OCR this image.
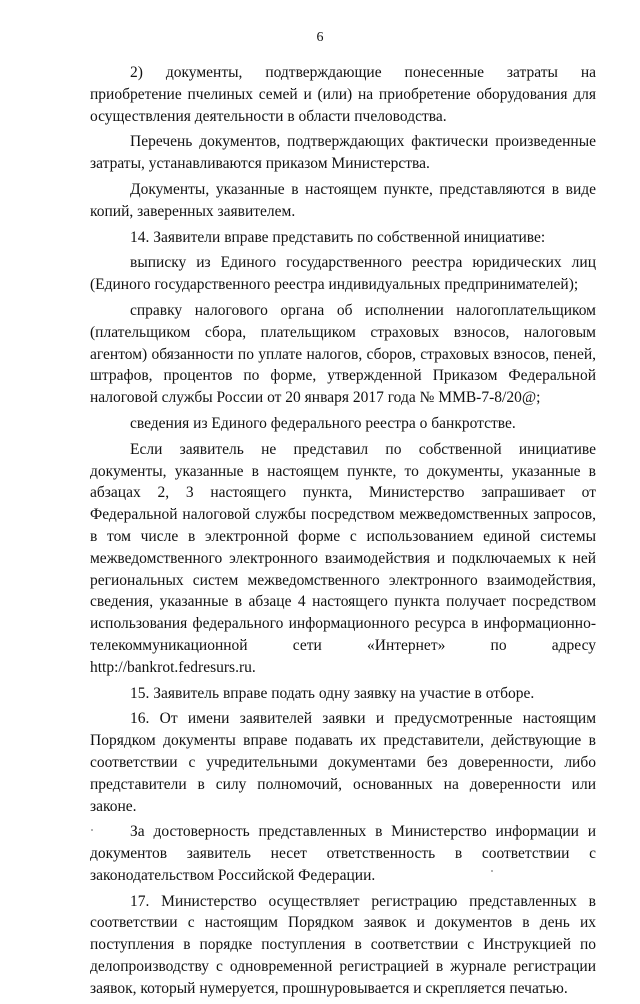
6

2) документы, подтверждающие понесенные затраты на приобретение пчелиных семей и (или) на приобретение оборудования для осуществления деятельности в области пчеловодства.

Перечень документов, подтверждающих фактически произведенные затраты, устанавливаются приказом Министерства.

Документы, указанные в настоящем пункте, представляются в виде копий, заверенных заявителем.

14. Заявители вправе представить по собственной инициативе:

выписку из Единого государственного реестра юридических лиц (Единого государственного реестра индивидуальных предпринимателей);

справку налогового органа об исполнении налогоплательщиком (плательщиком сбора, плательщиком страховых взносов, налоговым агентом) обязанности по уплате налогов, сборов, страховых взносов, пеней, штрафов, процентов по форме, утвержденной Приказом Федеральной налоговой службы России от 20 января 2017 года № ММВ-7-8/20@;

сведения из Единого федерального реестра о банкротстве.

Если заявитель не представил по собственной инициативе документы, указанные в настоящем пункте, то документы, указанные в абзацах 2, 3 настоящего пункта, Министерство запрашивает от Федеральной налоговой службы посредством межведомственных запросов, в том числе в электронной форме с использованием единой системы межведомственного электронного взаимодействия и подключаемых к ней региональных систем межведомственного электронного взаимодействия, сведения, указанные в абзаце 4 настоящего пункта получает посредством использования федерального информационного ресурса в информационно-телекоммуникационной сети «Интернет» по адресу http://bankrot.fedresurs.ru.

15. Заявитель вправе подать одну заявку на участие в отборе.

16. От имени заявителей заявки и предусмотренные настоящим Порядком документы вправе подавать их представители, действующие в соответствии с учредительными документами без доверенности, либо представители в силу полномочий, основанных на доверенности или законе.

За достоверность представленных в Министерство информации и документов заявитель несет ответственность в соответствии с законодательством Российской Федерации.

17. Министерство осуществляет регистрацию представленных в соответствии с настоящим Порядком заявок и документов в день их поступления в порядке поступления в соответствии с Инструкцией по делопроизводству с одновременной регистрацией в журнале регистрации заявок, который нумеруется, прошнуровывается и скрепляется печатью.
